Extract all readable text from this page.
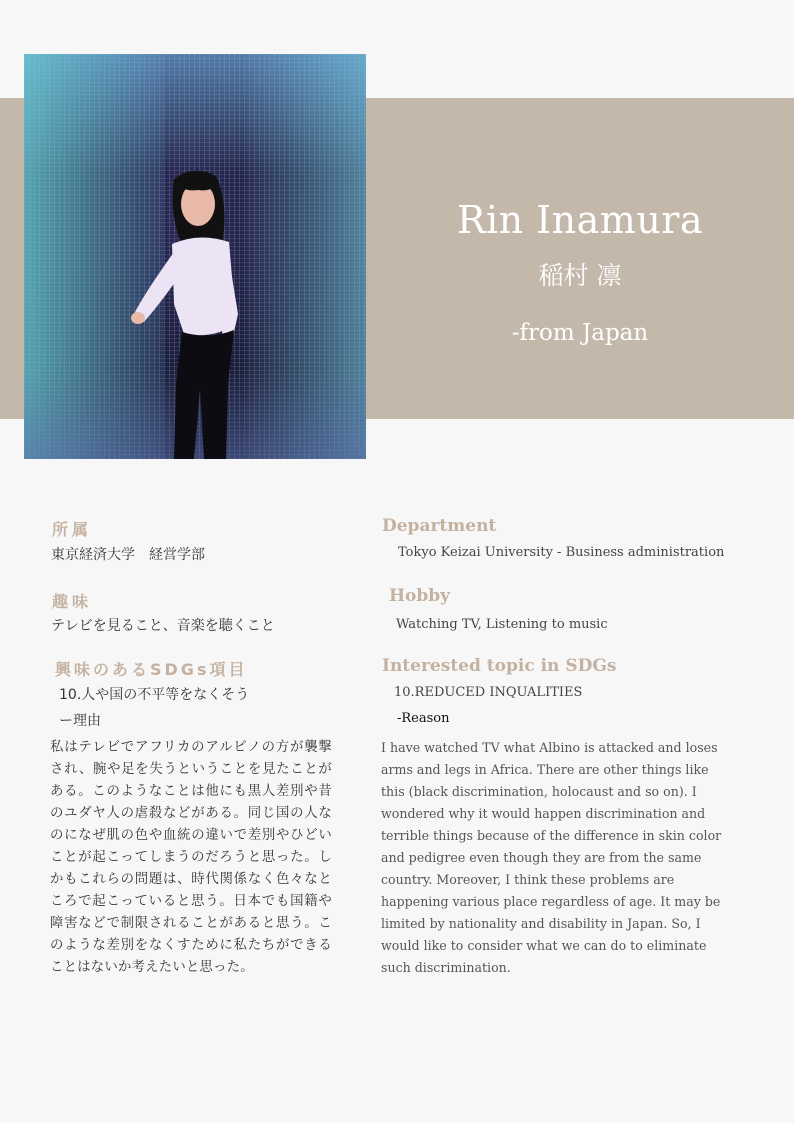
Rin Inamura
稲村 凛
-from Japan
所属
東京経済大学　経営学部
趣味
テレビを見ること、音楽を聴くこと
興味のあるSDGs項目
10.人や国の不平等をなくそう
ー理由
私はテレビでアフリカのアルビノの方が襲撃され、腕や足を失うということを見たことがある。このようなことは他にも黒人差別や昔のユダヤ人の虐殺などがある。同じ国の人なのになぜ肌の色や血統の違いで差別やひどいことが起こってしまうのだろうと思った。しかもこれらの問題は、時代関係なく色々なところで起こっていると思う。日本でも国籍や障害などで制限されることがあると思う。このような差別をなくすために私たちができることはないか考えたいと思った。
Department
Tokyo Keizai University - Business administration
Hobby
Watching TV, Listening to music
Interested topic in SDGs
10.REDUCED INQUALITIES
-Reason
I have watched TV what Albino is attacked and loses arms and legs in Africa. There are other things like this (black discrimination, holocaust and so on). I wondered why it would happen discrimination and terrible things because of the difference in skin color and pedigree even though they are from the same country. Moreover, I think these problems are happening various place regardless of age. It may be limited by nationality and disability in Japan. So, I would like to consider what we can do to eliminate such discrimination.
